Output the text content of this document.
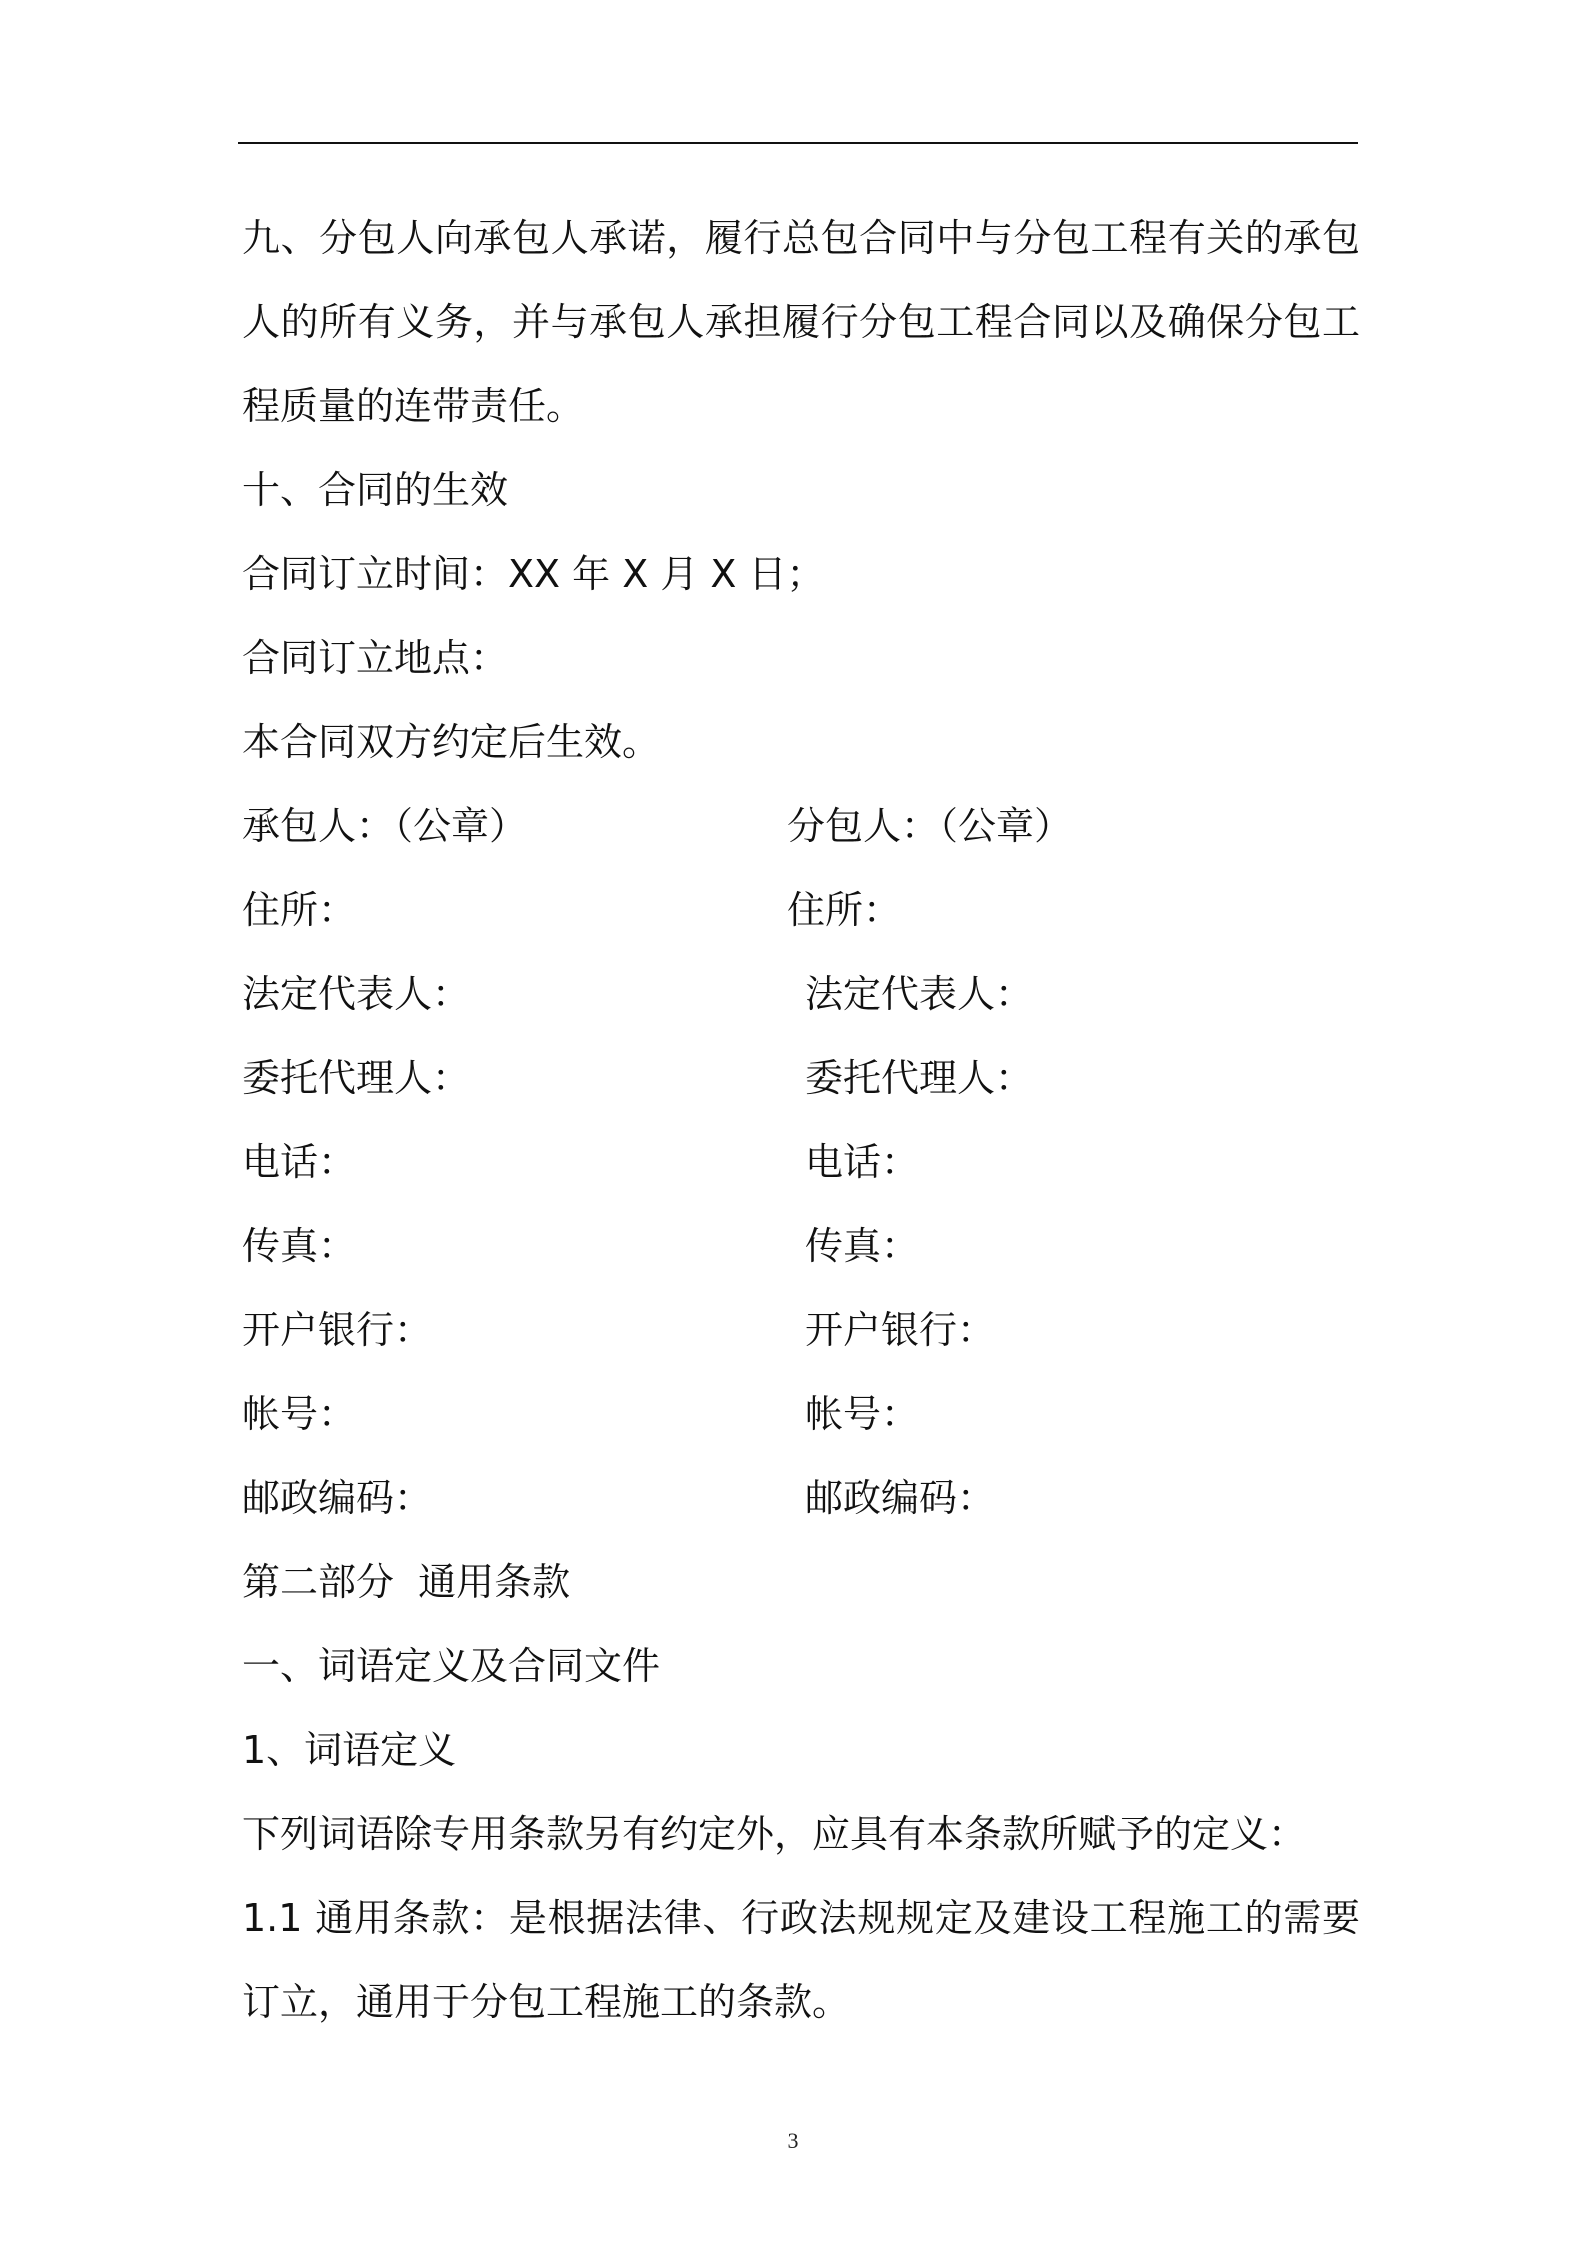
九、分包人向承包人承诺，履行总包合同中与分包工程有关的承包人的所有义务，并与承包人承担履行分包工程合同以及确保分包工程质量的连带责任。
十、合同的生效
合同订立时间：XX 年 X 月 X 日；
合同订立地点：
本合同双方约定后生效。
承包人：（公章）	分包人：（公章）
住所：	住所：
法定代表人：	法定代表人：
委托代理人：	委托代理人：
电话：	电话：
传真：	传真：
开户银行：	开户银行：
帐号：	帐号：
邮政编码：	邮政编码：
第二部分  通用条款
一、词语定义及合同文件
1、词语定义
下列词语除专用条款另有约定外，应具有本条款所赋予的定义：
1.1 通用条款：是根据法律、行政法规规定及建设工程施工的需要订立，通用于分包工程施工的条款。
3
